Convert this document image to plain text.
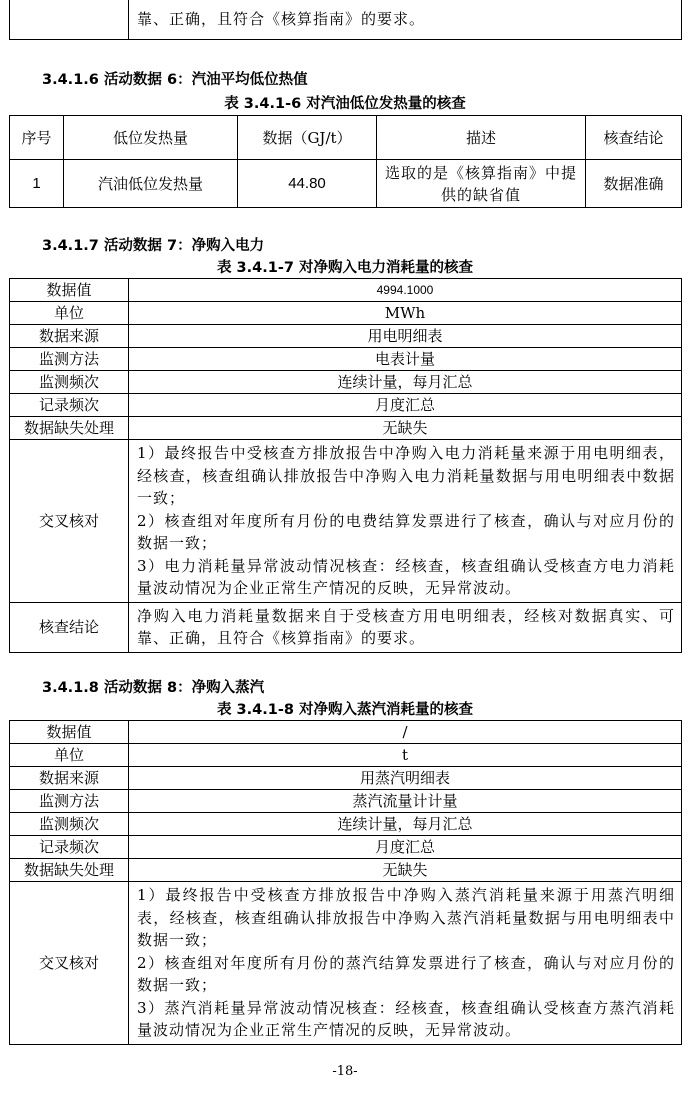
	靠、正确，且符合《核算指南》的要求。
3.4.1.6 活动数据 6：汽油平均低位热值
表 3.4.1-6 对汽油低位发热量的核查
序号	低位发热量	数据（GJ/t）	描述	核查结论
1	汽油低位发热量	44.80	选取的是《核算指南》中提供的缺省值	数据准确
3.4.1.7 活动数据 7：净购入电力
表 3.4.1-7 对净购入电力消耗量的核查
数据值	4994.1000
单位	MWh
数据来源	用电明细表
监测方法	电表计量
监测频次	连续计量，每月汇总
记录频次	月度汇总
数据缺失处理	无缺失
交叉核对	1）最终报告中受核查方排放报告中净购入电力消耗量来源于用电明细表，经核查，核查组确认排放报告中净购入电力消耗量数据与用电明细表中数据一致；
2）核查组对年度所有月份的电费结算发票进行了核查，确认与对应月份的数据一致；
3）电力消耗量异常波动情况核查：经核查，核查组确认受核查方电力消耗量波动情况为企业正常生产情况的反映，无异常波动。
核查结论	净购入电力消耗量数据来自于受核查方用电明细表，经核对数据真实、可靠、正确，且符合《核算指南》的要求。
3.4.1.8 活动数据 8：净购入蒸汽
表 3.4.1-8 对净购入蒸汽消耗量的核查
数据值	/
单位	t
数据来源	用蒸汽明细表
监测方法	蒸汽流量计计量
监测频次	连续计量，每月汇总
记录频次	月度汇总
数据缺失处理	无缺失
交叉核对	1）最终报告中受核查方排放报告中净购入蒸汽消耗量来源于用蒸汽明细表，经核查，核查组确认排放报告中净购入蒸汽消耗量数据与用电明细表中数据一致；
2）核查组对年度所有月份的蒸汽结算发票进行了核查，确认与对应月份的数据一致；
3）蒸汽消耗量异常波动情况核查：经核查，核查组确认受核查方蒸汽消耗量波动情况为企业正常生产情况的反映，无异常波动。
-18-
